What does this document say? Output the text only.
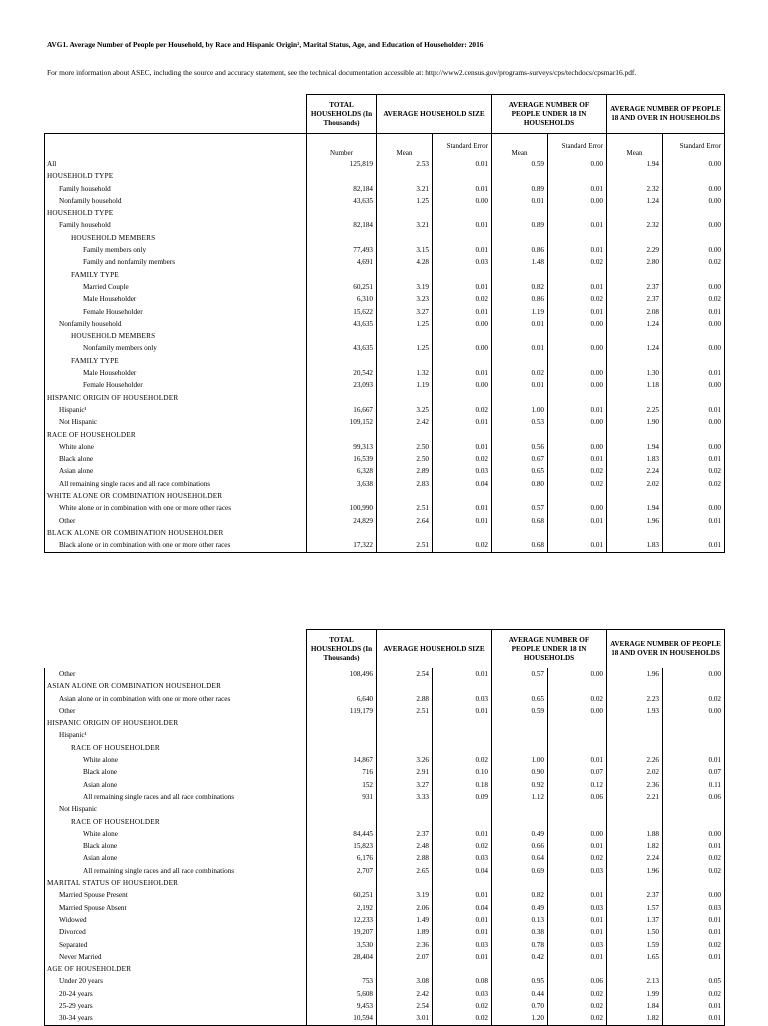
AVG1. Average Number of People per Household, by Race and Hispanic Origin¹, Marital Status, Age, and Education of Householder: 2016
For more information about ASEC, including the source and accuracy statement, see the technical documentation accessible at: http://www2.census.gov/programs-surveys/cps/techdocs/cpsmar16.pdf.
	TOTAL HOUSEHOLDS (In Thousands)	AVERAGE HOUSEHOLD SIZE		AVERAGE NUMBER OF PEOPLE UNDER 18 IN HOUSEHOLDS		AVERAGE NUMBER OF PEOPLE 18 AND OVER IN HOUSEHOLDS	
	Number	Mean	Standard Error	Mean	Standard Error	Mean	Standard Error
All	125,819	2.53	0.01	0.59	0.00	1.94	0.00
HOUSEHOLD TYPE							
Family household	82,184	3.21	0.01	0.89	0.01	2.32	0.00
Nonfamily household	43,635	1.25	0.00	0.01	0.00	1.24	0.00
HOUSEHOLD TYPE							
Family household	82,184	3.21	0.01	0.89	0.01	2.32	0.00
HOUSEHOLD MEMBERS							
Family members only	77,493	3.15	0.01	0.86	0.01	2.29	0.00
Family and nonfamily members	4,691	4.28	0.03	1.48	0.02	2.80	0.02
FAMILY TYPE							
Married Couple	60,251	3.19	0.01	0.82	0.01	2.37	0.00
Male Householder	6,310	3.23	0.02	0.86	0.02	2.37	0.02
Female Householder	15,622	3.27	0.01	1.19	0.01	2.08	0.01
Nonfamily household	43,635	1.25	0.00	0.01	0.00	1.24	0.00
HOUSEHOLD MEMBERS							
Nonfamily members only	43,635	1.25	0.00	0.01	0.00	1.24	0.00
FAMILY TYPE							
Male Householder	20,542	1.32	0.01	0.02	0.00	1.30	0.01
Female Householder	23,093	1.19	0.00	0.01	0.00	1.18	0.00
HISPANIC ORIGIN OF HOUSEHOLDER							
Hispanic¹	16,667	3.25	0.02	1.00	0.01	2.25	0.01
Not Hispanic	109,152	2.42	0.01	0.53	0.00	1.90	0.00
RACE OF HOUSEHOLDER							
White alone	99,313	2.50	0.01	0.56	0.00	1.94	0.00
Black alone	16,539	2.50	0.02	0.67	0.01	1.83	0.01
Asian alone	6,328	2.89	0.03	0.65	0.02	2.24	0.02
All remaining single races and all race combinations	3,638	2.83	0.04	0.80	0.02	2.02	0.02
WHITE ALONE OR COMBINATION HOUSEHOLDER							
White alone or in combination with one or more other races	100,990	2.51	0.01	0.57	0.00	1.94	0.00
Other	24,829	2.64	0.01	0.68	0.01	1.96	0.01
BLACK ALONE OR COMBINATION HOUSEHOLDER							
Black alone or in combination with one or more other races	17,322	2.51	0.02	0.68	0.01	1.83	0.01
	TOTAL HOUSEHOLDS (In Thousands)	AVERAGE HOUSEHOLD SIZE		AVERAGE NUMBER OF PEOPLE UNDER 18 IN HOUSEHOLDS		AVERAGE NUMBER OF PEOPLE 18 AND OVER IN HOUSEHOLDS	
Other	108,496	2.54	0.01	0.57	0.00	1.96	0.00
ASIAN ALONE OR COMBINATION HOUSEHOLDER							
Asian alone or in combination with one or more other races	6,640	2.88	0.03	0.65	0.02	2.23	0.02
Other	119,179	2.51	0.01	0.59	0.00	1.93	0.00
HISPANIC ORIGIN OF HOUSEHOLDER							
Hispanic¹							
RACE OF HOUSEHOLDER							
White alone	14,867	3.26	0.02	1.00	0.01	2.26	0.01
Black alone	716	2.91	0.10	0.90	0.07	2.02	0.07
Asian alone	152	3.27	0.18	0.92	0.12	2.36	0.11
All remaining single races and all race combinations	931	3.33	0.09	1.12	0.06	2.21	0.06
Not Hispanic							
RACE OF HOUSEHOLDER							
White alone	84,445	2.37	0.01	0.49	0.00	1.88	0.00
Black alone	15,823	2.48	0.02	0.66	0.01	1.82	0.01
Asian alone	6,176	2.88	0.03	0.64	0.02	2.24	0.02
All remaining single races and all race combinations	2,707	2.65	0.04	0.69	0.03	1.96	0.02
MARITAL STATUS OF HOUSEHOLDER							
Married Spouse Present	60,251	3.19	0.01	0.82	0.01	2.37	0.00
Married Spouse Absent	2,192	2.06	0.04	0.49	0.03	1.57	0.03
Widowed	12,233	1.49	0.01	0.13	0.01	1.37	0.01
Divorced	19,207	1.89	0.01	0.38	0.01	1.50	0.01
Separated	3,530	2.36	0.03	0.78	0.03	1.59	0.02
Never Married	28,404	2.07	0.01	0.42	0.01	1.65	0.01
AGE OF HOUSEHOLDER							
Under 20 years	753	3.08	0.08	0.95	0.06	2.13	0.05
20-24 years	5,608	2.42	0.03	0.44	0.02	1.99	0.02
25-29 years	9,453	2.54	0.02	0.70	0.02	1.84	0.01
30-34 years	10,594	3.01	0.02	1.20	0.02	1.82	0.01
